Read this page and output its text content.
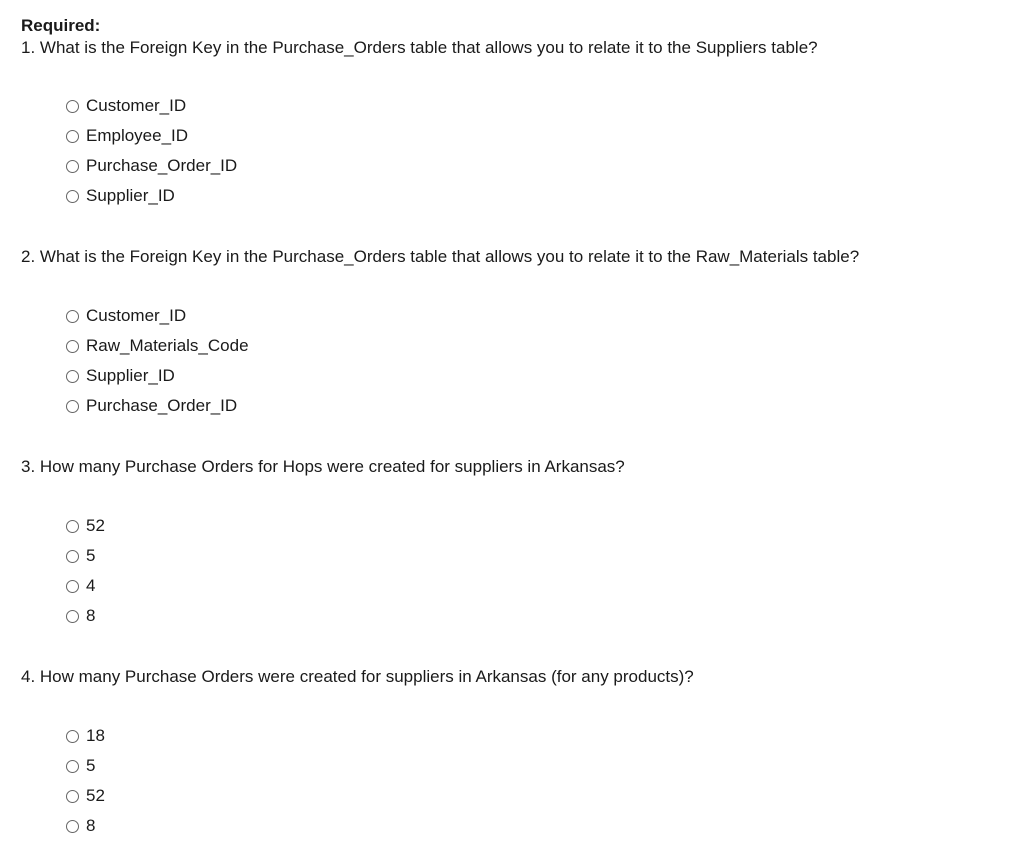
Required:
1. What is the Foreign Key in the Purchase_Orders table that allows you to relate it to the Suppliers table?
Customer_ID
Employee_ID
Purchase_Order_ID
Supplier_ID
2. What is the Foreign Key in the Purchase_Orders table that allows you to relate it to the Raw_Materials table?
Customer_ID
Raw_Materials_Code
Supplier_ID
Purchase_Order_ID
3. How many Purchase Orders for Hops were created for suppliers in Arkansas?
52
5
4
8
4. How many Purchase Orders were created for suppliers in Arkansas (for any products)?
18
5
52
8
